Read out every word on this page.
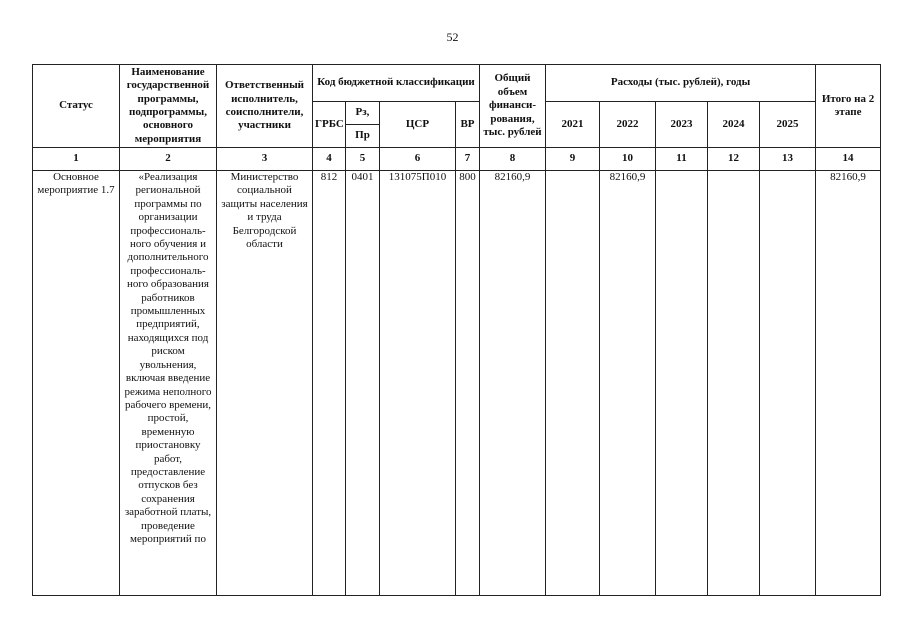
52
Статус	Наименование государственной программы, подпрограммы, основного мероприятия	Ответственный исполнитель, соисполнители, участники	Код бюджетной классификации				Общий объем финанси-рования, тыс. рублей	Расходы (тыс. рублей), годы					Итого на 2 этапе
			ГРБС	Рз,	ЦСР	ВР		2021	2022	2023	2024	2025	
				Пр									
1	2	3	4	5	6	7	8	9	10	11	12	13	14
Основное мероприятие 1.7	«Реализация региональной программы по организации профессиональ-ного обучения и дополнительного профессиональ-ного образования работников промышленных предприятий, находящихся под риском увольнения, включая введение режима неполного рабочего времени, простой, временную приостановку работ, предоставление отпусков без сохранения заработной платы, проведение мероприятий по	Министерство социальной защиты населения и труда Белгородской области	812	0401	131075П010	800	82160,9		82160,9				82160,9
